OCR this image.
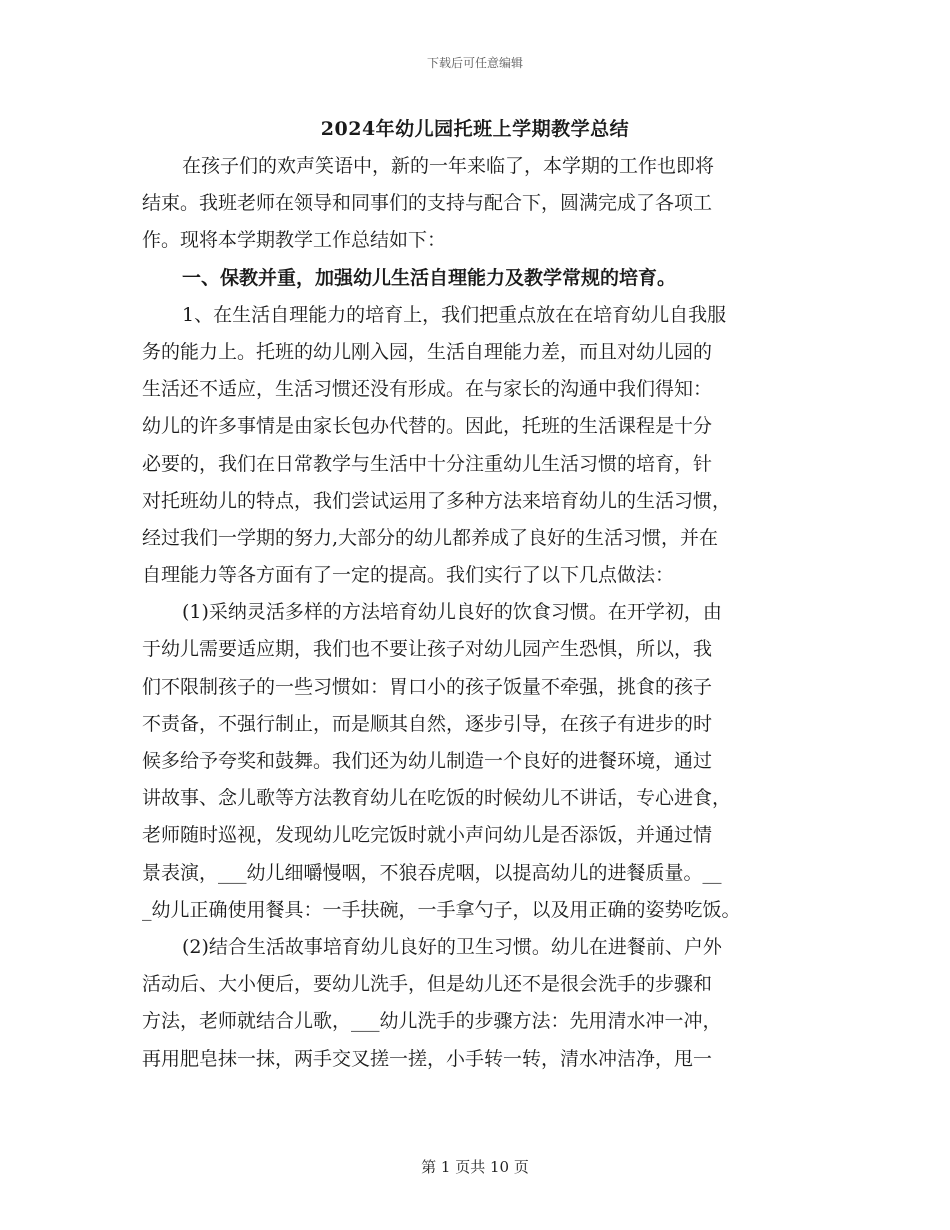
下载后可任意编辑
2024年幼儿园托班上学期教学总结
在孩子们的欢声笑语中，新的一年来临了，本学期的工作也即将
结束。我班老师在领导和同事们的支持与配合下，圆满完成了各项工
作。现将本学期教学工作总结如下：
一、保教并重，加强幼儿生活自理能力及教学常规的培育。
1、在生活自理能力的培育上，我们把重点放在在培育幼儿自我服
务的能力上。托班的幼儿刚入园，生活自理能力差，而且对幼儿园的
生活还不适应，生活习惯还没有形成。在与家长的沟通中我们得知：
幼儿的许多事情是由家长包办代替的。因此，托班的生活课程是十分
必要的，我们在日常教学与生活中十分注重幼儿生活习惯的培育，针
对托班幼儿的特点，我们尝试运用了多种方法来培育幼儿的生活习惯，
经过我们一学期的努力,大部分的幼儿都养成了良好的生活习惯，并在
自理能力等各方面有了一定的提高。我们实行了以下几点做法：
(1)采纳灵活多样的方法培育幼儿良好的饮食习惯。在开学初，由
于幼儿需要适应期，我们也不要让孩子对幼儿园产生恐惧，所以，我
们不限制孩子的一些习惯如：胃口小的孩子饭量不牵强，挑食的孩子
不责备，不强行制止，而是顺其自然，逐步引导，在孩子有进步的时
候多给予夸奖和鼓舞。我们还为幼儿制造一个良好的进餐环境，通过
讲故事、念儿歌等方法教育幼儿在吃饭的时候幼儿不讲话，专心进食，
老师随时巡视，发现幼儿吃完饭时就小声问幼儿是否添饭，并通过情
景表演，___幼儿细嚼慢咽，不狼吞虎咽，以提高幼儿的进餐质量。__
_幼儿正确使用餐具：一手扶碗，一手拿勺子，以及用正确的姿势吃饭。
(2)结合生活故事培育幼儿良好的卫生习惯。幼儿在进餐前、户外
活动后、大小便后，要幼儿洗手，但是幼儿还不是很会洗手的步骤和
方法，老师就结合儿歌，___幼儿洗手的步骤方法：先用清水冲一冲，
再用肥皂抹一抹，两手交叉搓一搓，小手转一转，清水冲洁净，甩一
第 1 页共 10 页
